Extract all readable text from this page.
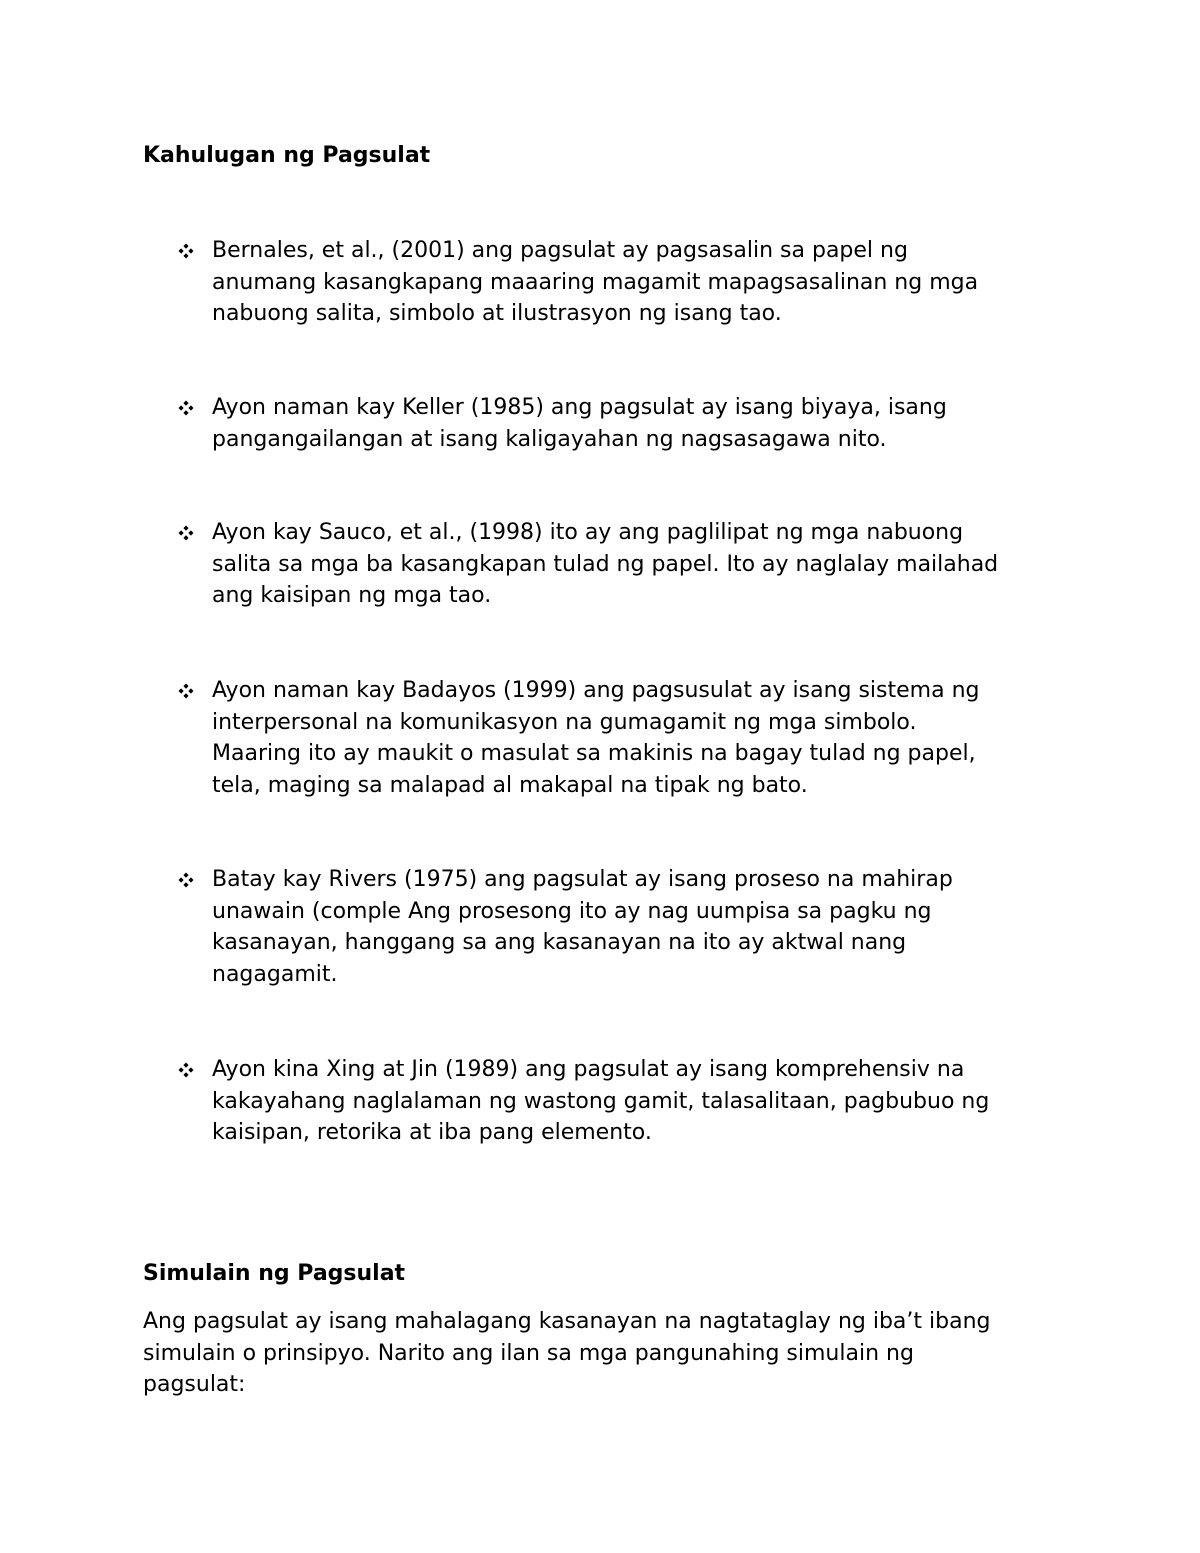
Kahulugan ng Pagsulat
Bernales, et al., (2001) ang pagsulat ay pagsasalin sa papel ng
anumang kasangkapang maaaring magamit mapagsasalinan ng mga
nabuong salita, simbolo at ilustrasyon ng isang tao.
Ayon naman kay Keller (1985) ang pagsulat ay isang biyaya, isang
pangangailangan at isang kaligayahan ng nagsasagawa nito.
Ayon kay Sauco, et al., (1998) ito ay ang paglilipat ng mga nabuong
salita sa mga ba kasangkapan tulad ng papel. Ito ay naglalay mailahad
ang kaisipan ng mga tao.
Ayon naman kay Badayos (1999) ang pagsusulat ay isang sistema ng
interpersonal na komunikasyon na gumagamit ng mga simbolo.
Maaring ito ay maukit o masulat sa makinis na bagay tulad ng papel,
tela, maging sa malapad al makapal na tipak ng bato.
Batay kay Rivers (1975) ang pagsulat ay isang proseso na mahirap
unawain (comple Ang prosesong ito ay nag uumpisa sa pagku ng
kasanayan, hanggang sa ang kasanayan na ito ay aktwal nang
nagagamit.
Ayon kina Xing at Jin (1989) ang pagsulat ay isang komprehensiv na
kakayahang naglalaman ng wastong gamit, talasalitaan, pagbubuo ng
kaisipan, retorika at iba pang elemento.
Simulain ng Pagsulat

Ang pagsulat ay isang mahalagang kasanayan na nagtataglay ng iba’t ibang
simulain o prinsipyo. Narito ang ilan sa mga pangunahing simulain ng
pagsulat:
